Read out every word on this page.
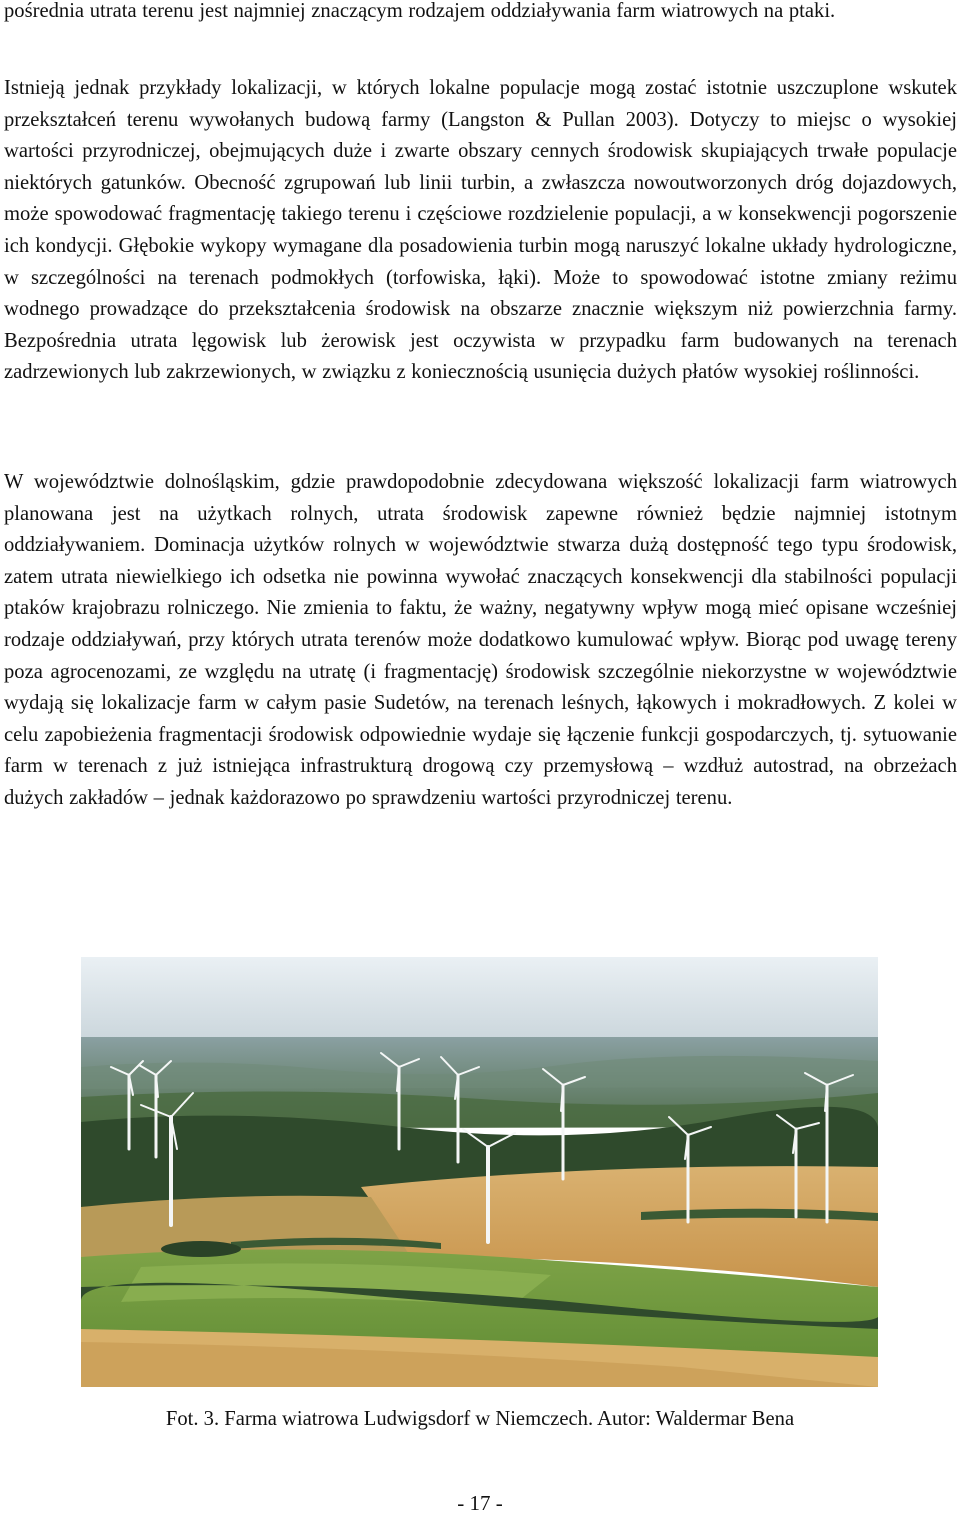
pośrednia utrata terenu jest najmniej znaczącym rodzajem oddziaływania farm wiatrowych na ptaki.

Istnieją jednak przykłady lokalizacji, w których lokalne populacje mogą zostać istotnie uszczuplone wskutek przekształceń terenu wywołanych budową farmy (Langston & Pullan 2003). Dotyczy to miejsc o wysokiej wartości przyrodniczej, obejmujących duże i zwarte obszary cennych środowisk skupiających trwałe populacje niektórych gatunków. Obecność zgrupowań lub linii turbin, a zwłaszcza nowoutworzonych dróg dojazdowych, może spowodować fragmentację takiego terenu i częściowe rozdzielenie populacji, a w konsekwencji pogorszenie ich kondycji. Głębokie wykopy wymagane dla posadowienia turbin mogą naruszyć lokalne układy hydrologiczne, w szczególności na terenach podmokłych (torfowiska, łąki). Może to spowodować istotne zmiany reżimu wodnego prowadzące do przekształcenia środowisk na obszarze znacznie większym niż powierzchnia farmy. Bezpośrednia utrata lęgowisk lub żerowisk jest oczywista w przypadku farm budowanych na terenach zadrzewionych lub zakrzewionych, w związku z koniecznością usunięcia dużych płatów wysokiej roślinności.

W województwie dolnośląskim, gdzie prawdopodobnie zdecydowana większość lokalizacji farm wiatrowych planowana jest na użytkach rolnych, utrata środowisk zapewne również będzie najmniej istotnym oddziaływaniem. Dominacja użytków rolnych w województwie stwarza dużą dostępność tego typu środowisk, zatem utrata niewielkiego ich odsetka nie powinna wywołać znaczących konsekwencji dla stabilności populacji ptaków krajobrazu rolniczego. Nie zmienia to faktu, że ważny, negatywny wpływ mogą mieć opisane wcześniej rodzaje oddziaływań, przy których utrata terenów może dodatkowo kumulować wpływ. Biorąc pod uwagę tereny poza agrocenozami, ze względu na utratę (i fragmentację) środowisk szczególnie niekorzystne w województwie wydają się lokalizacje farm w całym pasie Sudetów, na terenach leśnych, łąkowych i mokradłowych. Z kolei w celu zapobieżenia fragmentacji środowisk odpowiednie wydaje się łączenie funkcji gospodarczych, tj. sytuowanie farm w terenach z już istniejąca infrastrukturą drogową czy przemysłową – wzdłuż autostrad, na obrzeżach dużych zakładów – jednak każdorazowo po sprawdzeniu wartości przyrodniczej terenu.

Fot. 3. Farma wiatrowa Ludwigsdorf w Niemczech. Autor: Waldermar Bena

- 17 -
